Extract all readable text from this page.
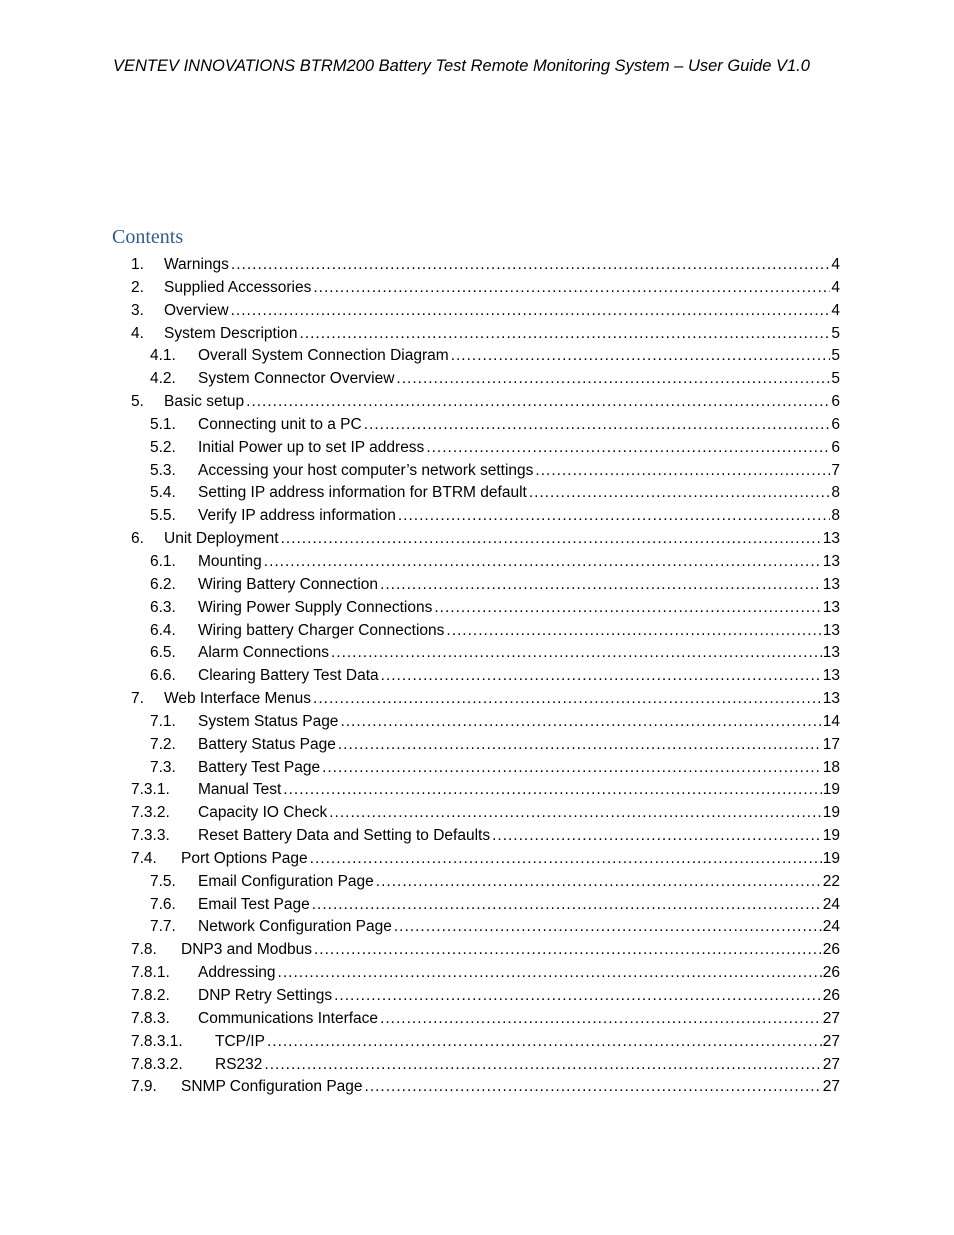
VENTEV INNOVATIONS BTRM200 Battery Test Remote Monitoring System – User Guide V1.0
Contents
1. Warnings .....	4
2. Supplied Accessories .....	4
3. Overview .....	4
4. System Description .....	5
4.1. Overall System Connection Diagram .....	5
4.2. System Connector Overview .....	5
5. Basic setup .....	6
5.1. Connecting unit to a PC .....	6
5.2. Initial Power up to set IP address .....	6
5.3. Accessing your host computer’s network settings .....	7
5.4. Setting IP address information for BTRM default .....	8
5.5. Verify IP address information .....	8
6. Unit Deployment .....	13
6.1. Mounting .....	13
6.2. Wiring Battery Connection .....	13
6.3. Wiring Power Supply Connections .....	13
6.4. Wiring battery Charger Connections .....	13
6.5. Alarm Connections .....	13
6.6. Clearing Battery Test Data .....	13
7. Web Interface Menus .....	13
7.1. System Status Page .....	14
7.2. Battery Status Page .....	17
7.3. Battery Test Page .....	18
7.3.1. Manual Test .....	19
7.3.2. Capacity IO Check .....	19
7.3.3. Reset Battery Data and Setting to Defaults .....	19
7.4. Port Options Page .....	19
7.5. Email Configuration Page .....	22
7.6. Email Test Page .....	24
7.7. Network Configuration Page .....	24
7.8. DNP3 and Modbus .....	26
7.8.1. Addressing .....	26
7.8.2. DNP Retry Settings .....	26
7.8.3. Communications Interface .....	27
7.8.3.1. TCP/IP .....	27
7.8.3.2. RS232 .....	27
7.9. SNMP Configuration Page .....	27
